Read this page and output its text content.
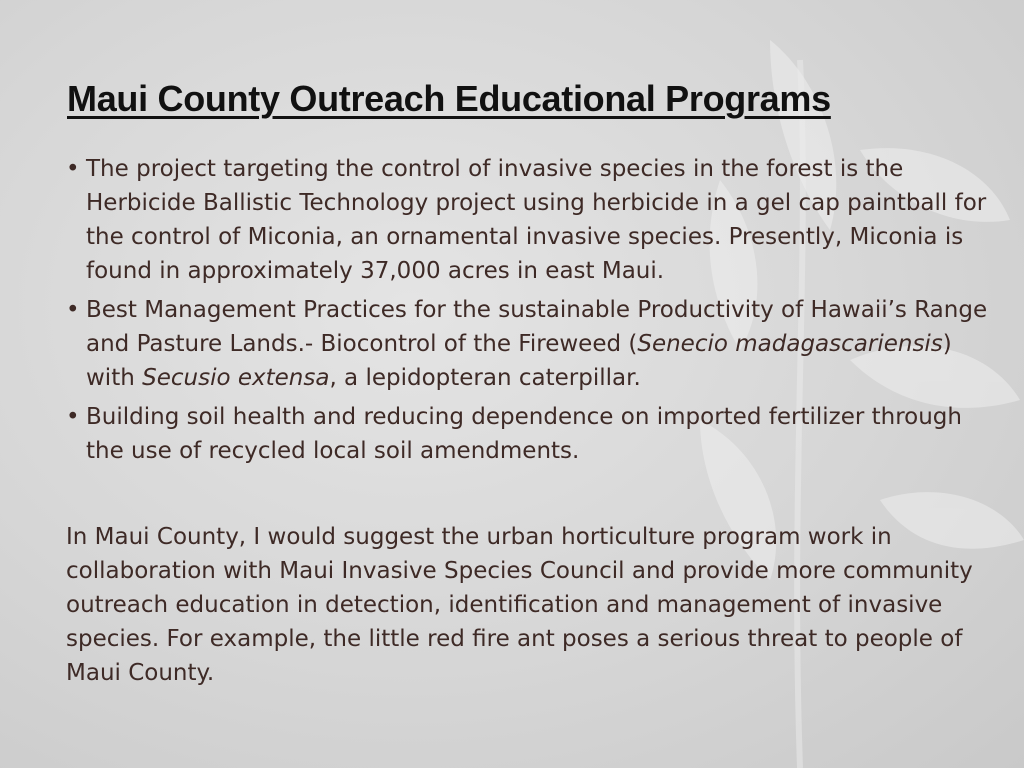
Maui County Outreach Educational Programs
• The project targeting the control of invasive species in the forest is the Herbicide Ballistic Technology project using herbicide in a gel cap paintball for the control of Miconia, an ornamental invasive species. Presently, Miconia is found in approximately 37,000 acres in east Maui.
• Best Management Practices for the sustainable Productivity of Hawaii’s Range and Pasture Lands.- Biocontrol of the Fireweed (Senecio madagascariensis) with Secusio extensa, a lepidopteran caterpillar.
• Building soil health and reducing dependence on imported fertilizer through the use of recycled local soil amendments.

In Maui County, I would suggest the urban horticulture program work in collaboration with Maui Invasive Species Council and provide more community outreach education in detection, identification and management of invasive species. For example, the little red fire ant poses a serious threat to people of Maui County.
